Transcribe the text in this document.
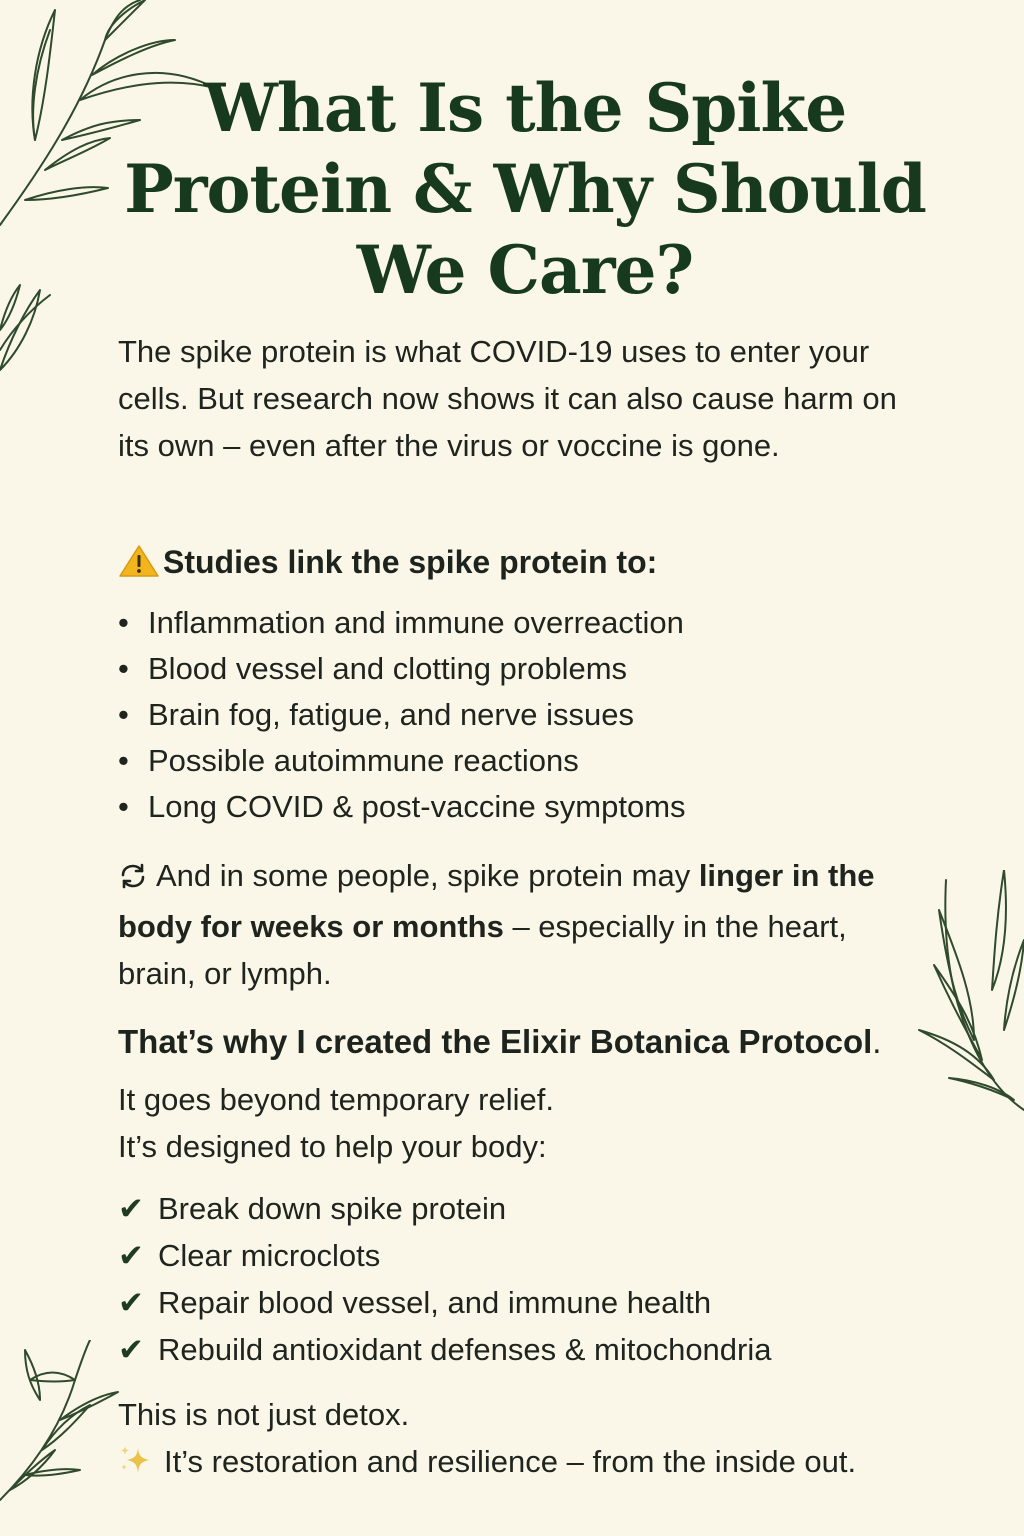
What Is the Spike
Protein & Why Should
We Care?
The spike protein is what COVID-19 uses to enter your cells. But research now shows it can also cause harm on its own – even after the virus or voccine is gone.
Studies link the spike protein to:
• Inflammation and immune overreaction
• Blood vessel and clotting problems
• Brain fog, fatigue, and nerve issues
• Possible autoimmune reactions
• Long COVID & post-vaccine symptoms
And in some people, spike protein may linger in the body for weeks or months – especially in the heart, brain, or lymph.
That’s why I created the Elixir Botanica Protocol.
It goes beyond temporary relief.
It’s designed to help your body:
✔ Break down spike protein
✔ Clear microclots
✔ Repair blood vessel, and immune health
✔ Rebuild antioxidant defenses & mitochondria
This is not just detox.
It’s restoration and resilience – from the inside out.
